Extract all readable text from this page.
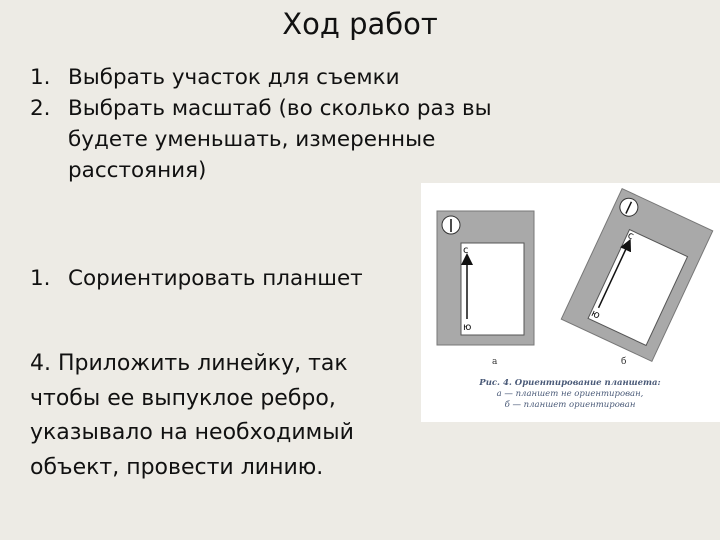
Ход работ
1. Выбрать участок для съемки
2. Выбрать масштаб (во сколько раз вы будете уменьшать, измеренные расстояния)
1. Сориентировать планшет
4. Приложить линейку, так чтобы ее выпуклое ребро, указывало на необходимый объект, провести линию.
с
ю
с
ю
а	б
Рис. 4. Ориентирование планшета:
а — планшет не ориентирован,
б — планшет ориентирован
